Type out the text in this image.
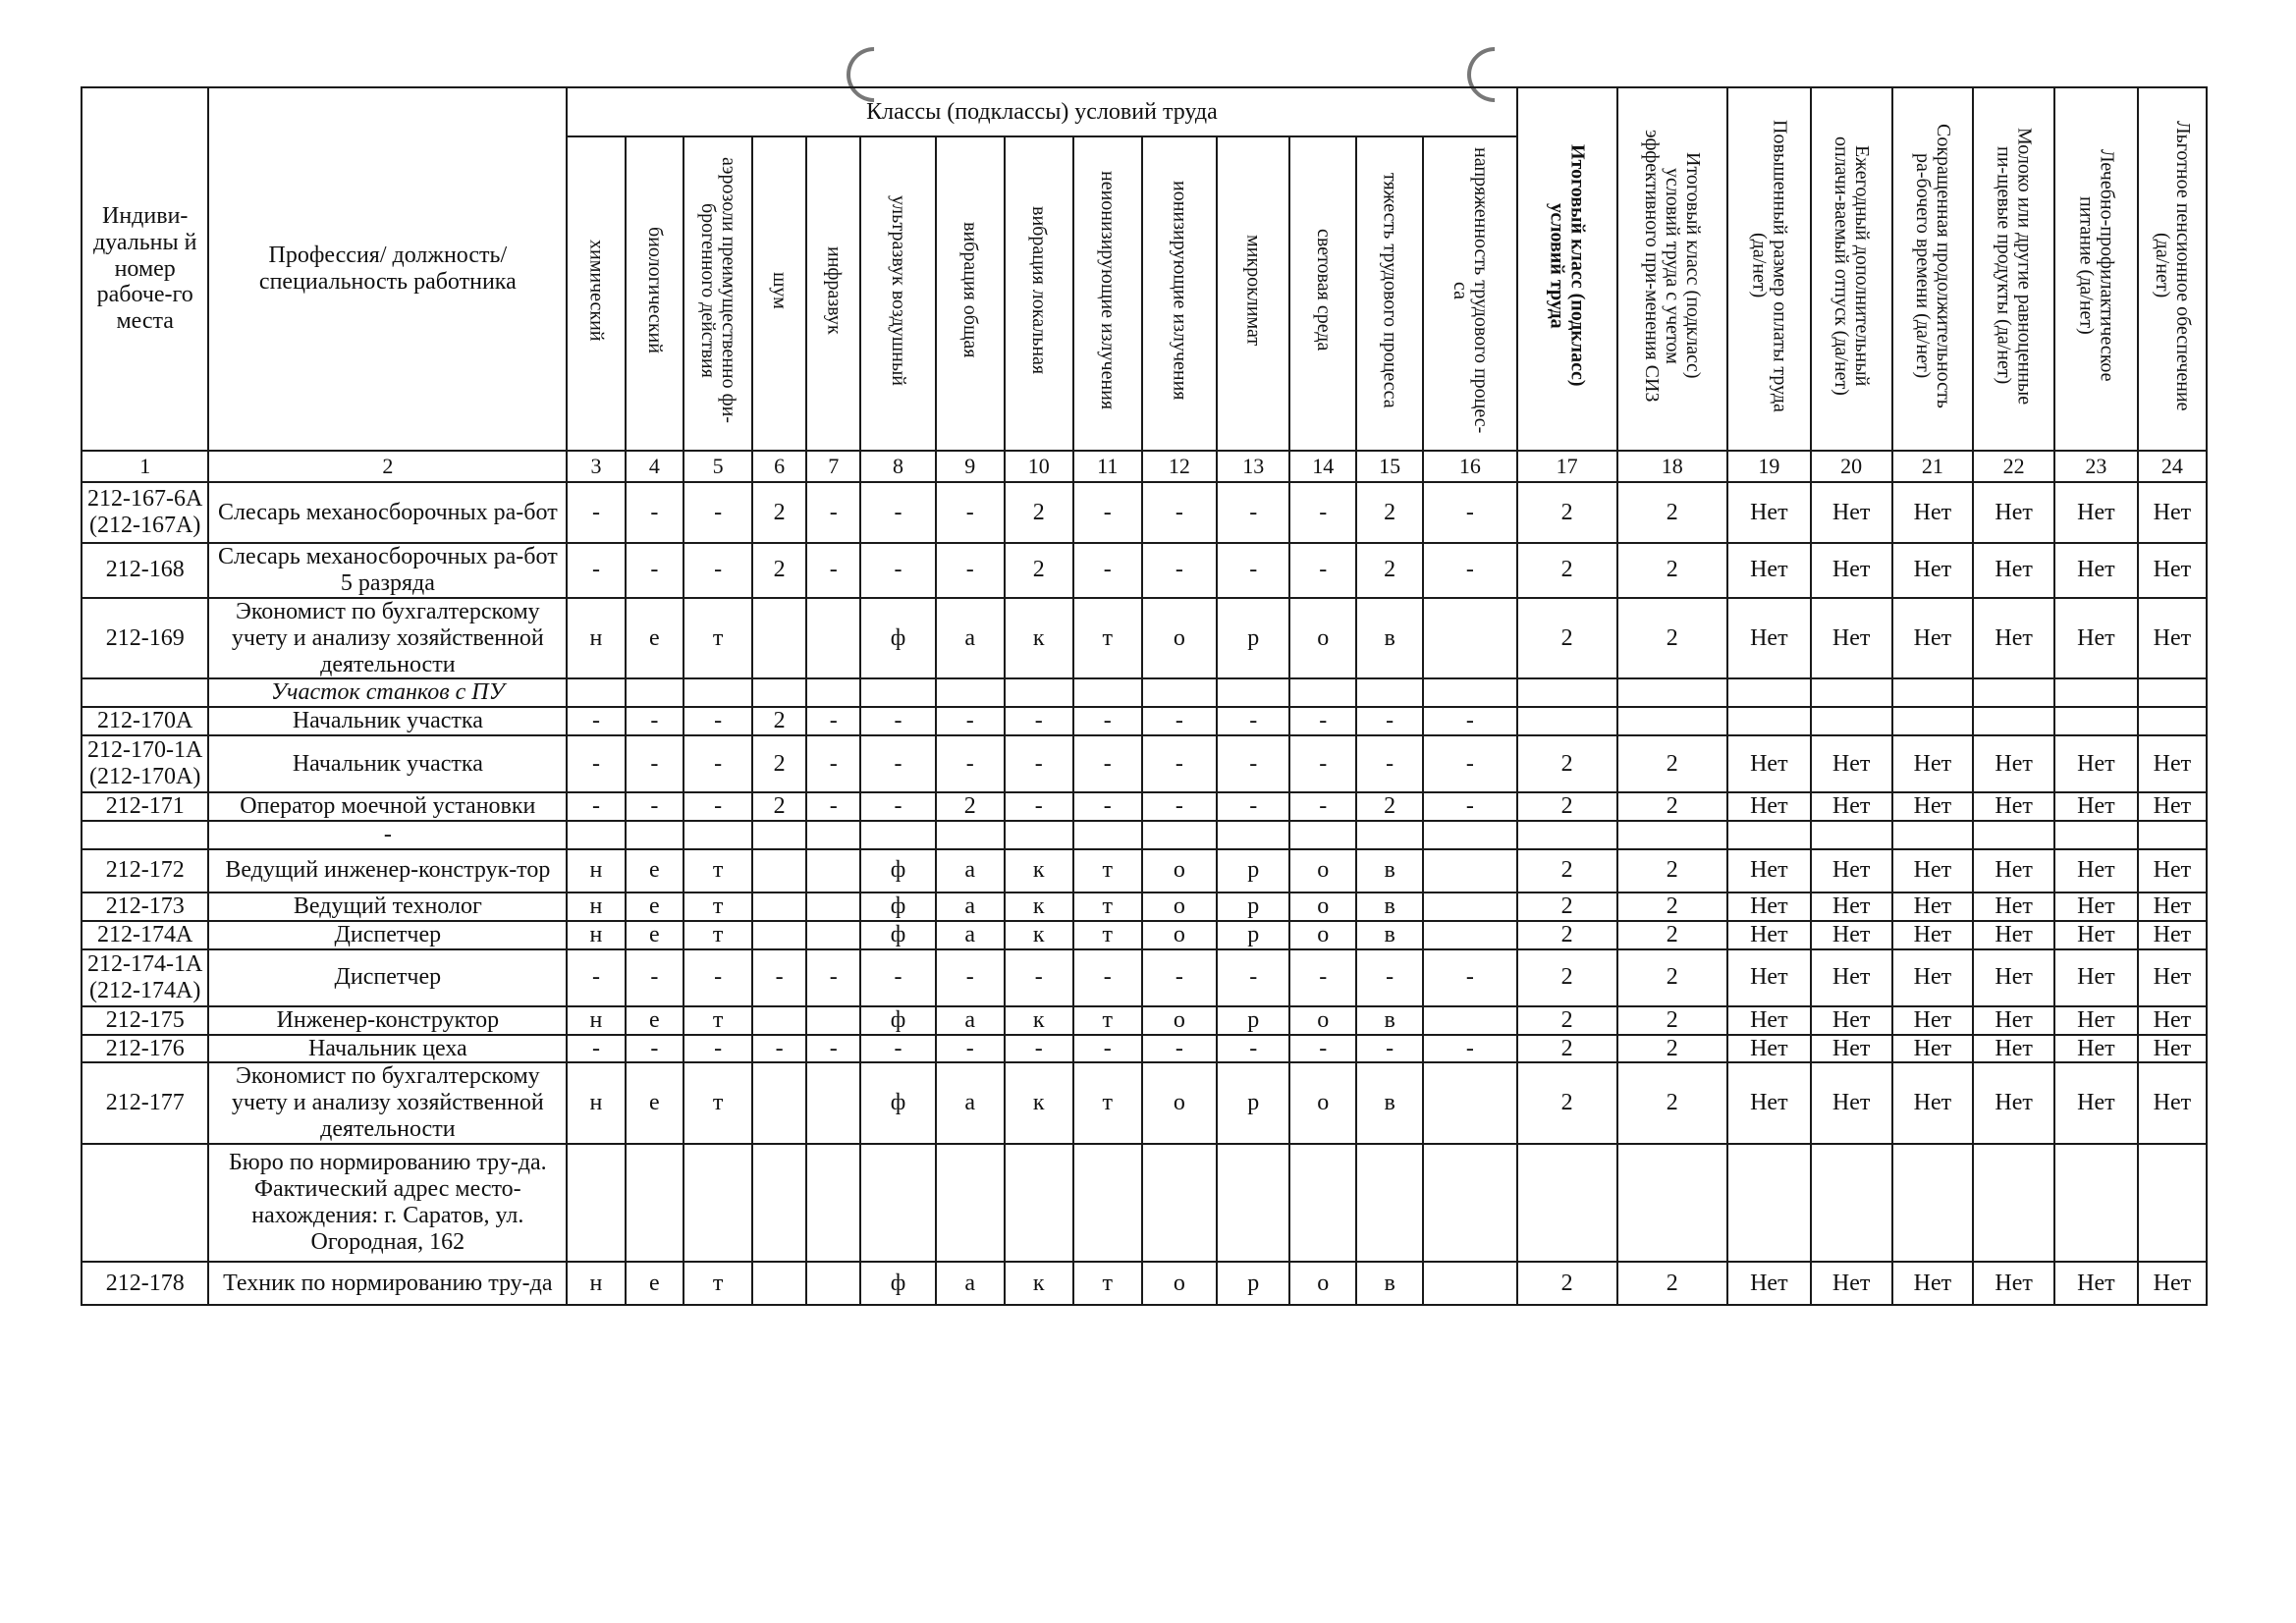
Индиви-дуальны й номер рабоче-го места	Профессия/ должность/ специальность работника	Классы (подклассы) условий труда														Итоговый класс (подкласс) условий труда	Итоговый класс (подкласс) условий труда с учетом эффективного при-менения СИЗ	Повышенный размер оплаты труда (да/нет)	Ежегодный дополнительный оплачи-ваемый отпуск (да/нет)	Сокращенная продолжительность ра-бочего времени (да/нет)	Молоко или другие равноценные пи-щевые продукты (да/нет)	Лечебно-профилактическое питание (да/нет)	Льготное пенсионное обеспечение (да/нет)
		химический	биологический	аэрозоли преимущественно фи-брогенного действия	шум	инфразвук	ультразвук воздушный	вибрация общая	вибрация локальная	неионизирующие излучения	ионизирующие излучения	микроклимат	световая среда	тяжесть трудового процесса	напряженность трудового процес-са								
1	2	3	4	5	6	7	8	9	10	11	12	13	14	15	16	17	18	19	20	21	22	23	24
212-167-6А (212-167А)	Слесарь механосборочных ра-бот	-	-	-	2	-	-	-	2	-	-	-	-	2	-	2	2	Нет	Нет	Нет	Нет	Нет	Нет
212-168	Слесарь механосборочных ра-бот 5 разряда	-	-	-	2	-	-	-	2	-	-	-	-	2	-	2	2	Нет	Нет	Нет	Нет	Нет	Нет
212-169	Экономист по бухгалтерскому учету и анализу хозяйственной деятельности	н	е	т			ф	а	к	т	о	р	о	в		2	2	Нет	Нет	Нет	Нет	Нет	Нет
	Участок станков с ПУ																						
212-170А	Начальник участка	-	-	-	2	-	-	-	-	-	-	-	-	-	-								
212-170-1А (212-170А)	Начальник участка	-	-	-	2	-	-	-	-	-	-	-	-	-	-	2	2	Нет	Нет	Нет	Нет	Нет	Нет
212-171	Оператор моечной установки	-	-	-	2	-	-	2	-	-	-	-	-	2	-	2	2	Нет	Нет	Нет	Нет	Нет	Нет
	-																						
212-172	Ведущий инженер-конструк-тор	н	е	т			ф	а	к	т	о	р	о	в		2	2	Нет	Нет	Нет	Нет	Нет	Нет
212-173	Ведущий технолог	н	е	т			ф	а	к	т	о	р	о	в		2	2	Нет	Нет	Нет	Нет	Нет	Нет
212-174А	Диспетчер	н	е	т			ф	а	к	т	о	р	о	в		2	2	Нет	Нет	Нет	Нет	Нет	Нет
212-174-1А (212-174А)	Диспетчер	-	-	-	-	-	-	-	-	-	-	-	-	-	-	2	2	Нет	Нет	Нет	Нет	Нет	Нет
212-175	Инженер-конструктор	н	е	т			ф	а	к	т	о	р	о	в		2	2	Нет	Нет	Нет	Нет	Нет	Нет
212-176	Начальник цеха	-	-	-	-	-	-	-	-	-	-	-	-	-	-	2	2	Нет	Нет	Нет	Нет	Нет	Нет
212-177	Экономист по бухгалтерскому учету и анализу хозяйственной деятельности	н	е	т			ф	а	к	т	о	р	о	в		2	2	Нет	Нет	Нет	Нет	Нет	Нет
	Бюро по нормированию тру-да. Фактический адрес место-нахождения: г. Саратов, ул. Огородная, 162																						
212-178	Техник по нормированию тру-да	н	е	т			ф	а	к	т	о	р	о	в		2	2	Нет	Нет	Нет	Нет	Нет	Нет
